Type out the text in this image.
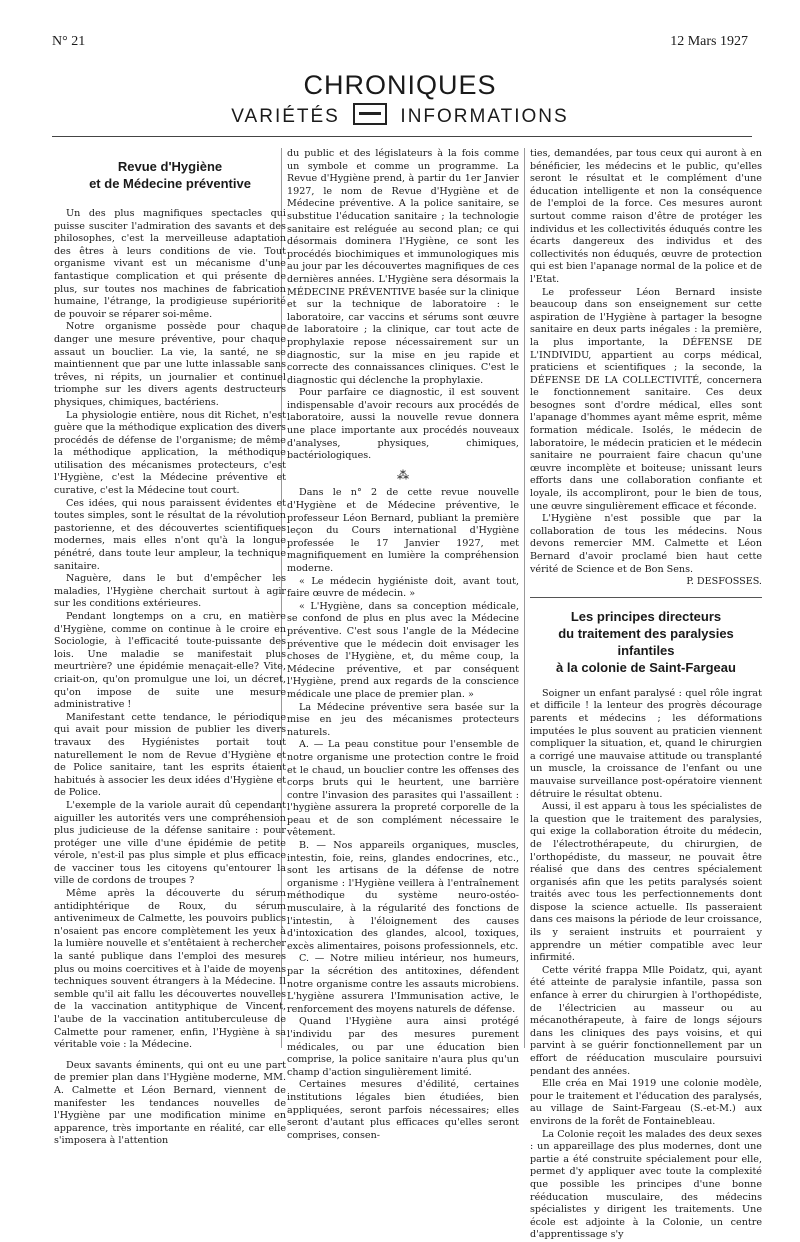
N° 21	12 Mars 1927
CHRONIQUES
VARIÉTÉS	INFORMATIONS
Revue d'Hygiène
et de Médecine préventive

Un des plus magnifiques spectacles qui puisse susciter l'admiration des savants et des philosophes, c'est la merveilleuse adaptation des êtres à leurs conditions de vie. Tout organisme vivant est un mécanisme d'une fantastique complication et qui présente de plus, sur toutes nos machines de fabrication humaine, l'étrange, la prodigieuse supériorité de pouvoir se réparer soi-même.

Notre organisme possède pour chaque danger une mesure préventive, pour chaque assaut un bouclier. La vie, la santé, ne se maintiennent que par une lutte inlassable sans trêves, ni répits, un journalier et continuel triomphe sur les divers agents destructeurs physiques, chimiques, bactériens.

La physiologie entière, nous dit Richet, n'est guère que la méthodique explication des divers procédés de défense de l'organisme; de même la méthodique application, la méthodique utilisation des mécanismes protecteurs, c'est l'Hygiène, c'est la Médecine préventive et curative, c'est la Médecine tout court.

Ces idées, qui nous paraissent évidentes et toutes simples, sont le résultat de la révolution pastorienne, et des découvertes scientifiques modernes, mais elles n'ont qu'à la longue pénétré, dans toute leur ampleur, la technique sanitaire.

Naguère, dans le but d'empêcher les maladies, l'Hygiène cherchait surtout à agir sur les conditions extérieures.

Pendant longtemps on a cru, en matière d'Hygiène, comme on continue à le croire en Sociologie, à l'efficacité toute-puissante des lois. Une maladie se manifestait plus meurtrière? une épidémie menaçait-elle? Vite, criait-on, qu'on promulgue une loi, un décret, qu'on impose de suite une mesure administrative !

Manifestant cette tendance, le périodique qui avait pour mission de publier les divers travaux des Hygiénistes portait tout naturellement le nom de Revue d'Hygiène et de Police sanitaire, tant les esprits étaient habitués à associer les deux idées d'Hygiène et de Police.

L'exemple de la variole aurait dû cependant aiguiller les autorités vers une compréhension plus judicieuse de la défense sanitaire : pour protéger une ville d'une épidémie de petite vérole, n'est-il pas plus simple et plus efficace de vacciner tous les citoyens qu'entourer la ville de cordons de troupes ?

Même après la découverte du sérum antidiphtérique de Roux, du sérum antivenimeux de Calmette, les pouvoirs publics n'osaient pas encore complètement les yeux à la lumière nouvelle et s'entêtaient à rechercher la santé publique dans l'emploi des mesures plus ou moins coercitives et à l'aide de moyens techniques souvent étrangers à la Médecine. Il semble qu'il ait fallu les découvertes nouvelles de la vaccination antityphique de Vincent, l'aube de la vaccination antituberculeuse de Calmette pour ramener, enfin, l'Hygiène à sa véritable voie : la Médecine.

Deux savants éminents, qui ont eu une part de premier plan dans l'Hygiène moderne, MM. A. Calmette et Léon Bernard, viennent de manifester les tendances nouvelles de l'Hygiène par une modification minime en apparence, très importante en réalité, car elle s'imposera à l'attention

du public et des législateurs à la fois comme un symbole et comme un programme. La Revue d'Hygiène prend, à partir du 1er Janvier 1927, le nom de Revue d'Hygiène et de Médecine préventive. A la police sanitaire, se substitue l'éducation sanitaire ; la technologie sanitaire est reléguée au second plan; ce qui désormais dominera l'Hygiène, ce sont les procédés biochimiques et immunologiques mis au jour par les découvertes magnifiques de ces dernières années. L'Hygiène sera désormais la MÉDECINE PRÉVENTIVE basée sur la clinique et sur la technique de laboratoire : le laboratoire, car vaccins et sérums sont œuvre de laboratoire ; la clinique, car tout acte de prophylaxie repose nécessairement sur un diagnostic, sur la mise en jeu rapide et correcte des connaissances cliniques. C'est le diagnostic qui déclenche la prophylaxie.

Pour parfaire ce diagnostic, il est souvent indispensable d'avoir recours aux procédés de laboratoire, aussi la nouvelle revue donnera une place importante aux procédés nouveaux d'analyses, physiques, chimiques, bactériologiques.

⁂

Dans le n° 2 de cette revue nouvelle d'Hygiène et de Médecine préventive, le professeur Léon Bernard, publiant la première leçon du Cours international d'Hygiène professée le 17 Janvier 1927, met magnifiquement en lumière la compréhension moderne.

« Le médecin hygiéniste doit, avant tout, faire œuvre de médecin. »

« L'Hygiène, dans sa conception médicale, se confond de plus en plus avec la Médecine préventive. C'est sous l'angle de la Médecine préventive que le médecin doit envisager les choses de l'Hygiène, et, du même coup, la Médecine préventive, et par conséquent l'Hygiène, prend aux regards de la conscience médicale une place de premier plan. »

La Médecine préventive sera basée sur la mise en jeu des mécanismes protecteurs naturels.

A. — La peau constitue pour l'ensemble de notre organisme une protection contre le froid et le chaud, un bouclier contre les offenses des corps bruts qui le heurtent, une barrière contre l'invasion des parasites qui l'assaillent : l'hygiène assurera la propreté corporelle de la peau et de son complément nécessaire le vêtement.

B. — Nos appareils organiques, muscles, intestin, foie, reins, glandes endocrines, etc., sont les artisans de la défense de notre organisme : l'Hygiène veillera à l'entraînement méthodique du système neuro-ostéo-musculaire, à la régularité des fonctions de l'intestin, à l'éloignement des causes d'intoxication des glandes, alcool, toxiques, excès alimentaires, poisons professionnels, etc.

C. — Notre milieu intérieur, nos humeurs, par la sécrétion des antitoxines, défendent notre organisme contre les assauts microbiens. L'hygiène assurera l'Immunisation active, le renforcement des moyens naturels de défense.

Quand l'Hygiène aura ainsi protégé l'individu par des mesures purement médicales, ou par une éducation bien comprise, la police sanitaire n'aura plus qu'un champ d'action singulièrement limité.

Certaines mesures d'édilité, certaines institutions légales bien étudiées, bien appliquées, seront parfois nécessaires; elles seront d'autant plus efficaces qu'elles seront comprises, consen-

ties, demandées, par tous ceux qui auront à en bénéficier, les médecins et le public, qu'elles seront le résultat et le complément d'une éducation intelligente et non la conséquence de l'emploi de la force. Ces mesures auront surtout comme raison d'être de protéger les individus et les collectivités éduqués contre les écarts dangereux des individus et des collectivités non éduqués, œuvre de protection qui est bien l'apanage normal de la police et de l'Etat.

Le professeur Léon Bernard insiste beaucoup dans son enseignement sur cette aspiration de l'Hygiène à partager la besogne sanitaire en deux parts inégales : la première, la plus importante, la DÉFENSE DE L'INDIVIDU, appartient au corps médical, praticiens et scientifiques ; la seconde, la DÉFENSE DE LA COLLECTIVITÉ, concernera le fonctionnement sanitaire. Ces deux besognes sont d'ordre médical, elles sont l'apanage d'hommes ayant même esprit, même formation médicale. Isolés, le médecin de laboratoire, le médecin praticien et le médecin sanitaire ne pourraient faire chacun qu'une œuvre incomplète et boiteuse; unissant leurs efforts dans une collaboration confiante et loyale, ils accompliront, pour le bien de tous, une œuvre singulièrement efficace et féconde.

L'Hygiène n'est possible que par la collaboration de tous les médecins. Nous devons remercier MM. Calmette et Léon Bernard d'avoir proclamé bien haut cette vérité de Science et de Bon Sens.

P. DESFOSSES.

Les principes directeurs
du traitement des paralysies infantiles
à la colonie de Saint-Fargeau

Soigner un enfant paralysé : quel rôle ingrat et difficile ! la lenteur des progrès décourage parents et médecins ; les déformations imputées le plus souvent au praticien viennent compliquer la situation, et, quand le chirurgien a corrigé une mauvaise attitude ou transplanté un muscle, la croissance de l'enfant ou une mauvaise surveillance post-opératoire viennent détruire le résultat obtenu.

Aussi, il est apparu à tous les spécialistes de la question que le traitement des paralysies, qui exige la collaboration étroite du médecin, de l'électrothérapeute, du chirurgien, de l'orthopédiste, du masseur, ne pouvait être réalisé que dans des centres spécialement organisés afin que les petits paralysés soient traités avec tous les perfectionnements dont dispose la science actuelle. Ils passeraient dans ces maisons la période de leur croissance, ils y seraient instruits et pourraient y apprendre un métier compatible avec leur infirmité.

Cette vérité frappa Mlle Poidatz, qui, ayant été atteinte de paralysie infantile, passa son enfance à errer du chirurgien à l'orthopédiste, de l'électricien au masseur ou au mécanothérapeute, à faire de longs séjours dans les cliniques des pays voisins, et qui parvint à se guérir fonctionnellement par un effort de rééducation musculaire poursuivi pendant des années.

Elle créa en Mai 1919 une colonie modèle, pour le traitement et l'éducation des paralysés, au village de Saint-Fargeau (S.-et-M.) aux environs de la forêt de Fontainebleau.

La Colonie reçoit les malades des deux sexes : un appareillage des plus modernes, dont une partie a été construite spécialement pour elle, permet d'y appliquer avec toute la complexité que possible les principes d'une bonne rééducation musculaire, des médecins spécialistes y dirigent les traitements. Une école est adjointe à la Colonie, un centre d'apprentissage s'y
